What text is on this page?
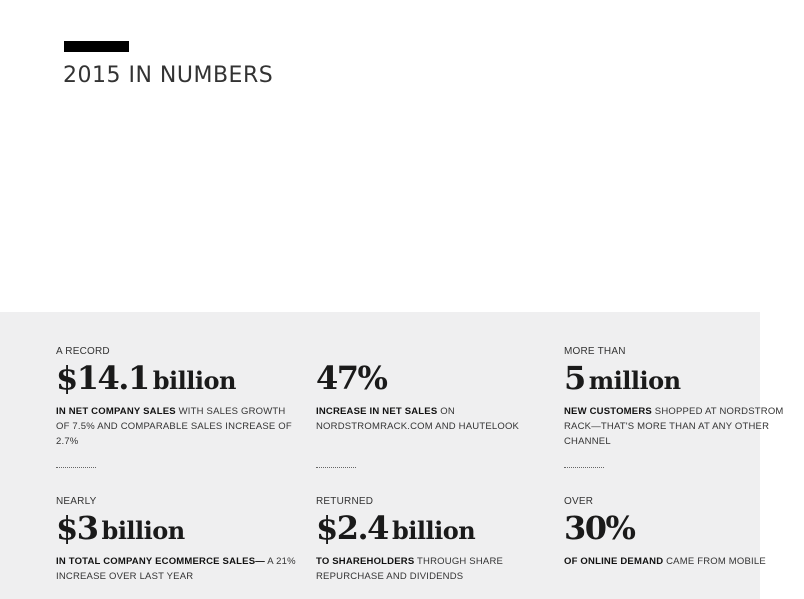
2015 IN NUMBERS
A RECORD
$14.1 billion
IN NET COMPANY SALES WITH SALES GROWTH OF 7.5% AND COMPARABLE SALES INCREASE OF 2.7%
47%
INCREASE IN NET SALES ON NORDSTROMRACK.COM AND HAUTELOOK
MORE THAN
5 million
NEW CUSTOMERS SHOPPED AT NORDSTROM RACK—THAT'S MORE THAN AT ANY OTHER CHANNEL
NEARLY
$3 billion
IN TOTAL COMPANY ECOMMERCE SALES— A 21% INCREASE OVER LAST YEAR
RETURNED
$2.4 billion
TO SHAREHOLDERS THROUGH SHARE REPURCHASE AND DIVIDENDS
OVER
30%
OF ONLINE DEMAND CAME FROM MOBILE
